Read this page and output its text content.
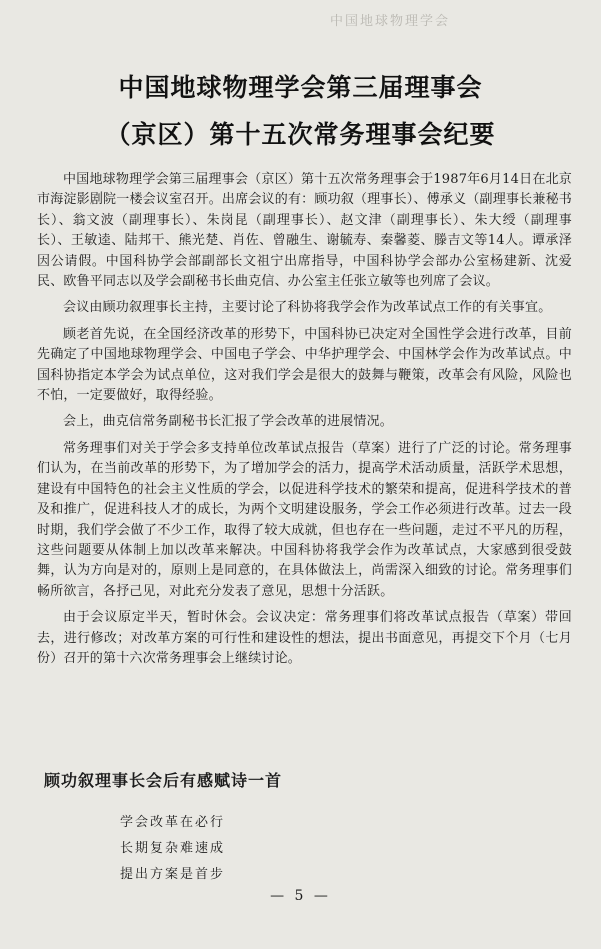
中国地球物理学会
中国地球物理学会第三届理事会
（京区）第十五次常务理事会纪要

中国地球物理学会第三届理事会（京区）第十五次常务理事会于1987年6月14日在北京市海淀影剧院一楼会议室召开。出席会议的有：顾功叙（理事长）、傅承义（副理事长兼秘书长）、翁文波（副理事长）、朱岗昆（副理事长）、赵文津（副理事长）、朱大绶（副理事长）、王敏逵、陆邦干、熊光楚、肖佐、曾融生、谢毓寿、秦馨菱、滕吉文等14人。谭承泽因公请假。中国科协学会部副部长文祖宁出席指导，中国科协学会部办公室杨建新、沈爱民、欧鲁平同志以及学会副秘书长曲克信、办公室主任张立敏等也列席了会议。

会议由顾功叙理事长主持，主要讨论了科协将我学会作为改革试点工作的有关事宜。

顾老首先说，在全国经济改革的形势下，中国科协已决定对全国性学会进行改革，目前先确定了中国地球物理学会、中国电子学会、中华护理学会、中国林学会作为改革试点。中国科协指定本学会为试点单位，这对我们学会是很大的鼓舞与鞭策，改革会有风险，风险也不怕，一定要做好，取得经验。

会上，曲克信常务副秘书长汇报了学会改革的进展情况。

常务理事们对关于学会多支持单位改革试点报告（草案）进行了广泛的讨论。常务理事们认为，在当前改革的形势下，为了增加学会的活力，提高学术活动质量，活跃学术思想，建设有中国特色的社会主义性质的学会，以促进科学技术的繁荣和提高，促进科学技术的普及和推广，促进科技人才的成长，为两个文明建设服务，学会工作必须进行改革。过去一段时期，我们学会做了不少工作，取得了较大成就，但也存在一些问题，走过不平凡的历程，这些问题要从体制上加以改革来解决。中国科协将我学会作为改革试点，大家感到很受鼓舞，认为方向是对的，原则上是同意的，在具体做法上，尚需深入细致的讨论。常务理事们畅所欲言，各抒己见，对此充分发表了意见，思想十分活跃。

由于会议原定半天，暂时休会。会议决定：常务理事们将改革试点报告（草案）带回去，进行修改；对改革方案的可行性和建设性的想法，提出书面意见，再提交下个月（七月份）召开的第十六次常务理事会上继续讨论。

顾功叙理事长会后有感赋诗一首
学会改革在必行
长期复杂难速成
提出方案是首步
— 5 —
